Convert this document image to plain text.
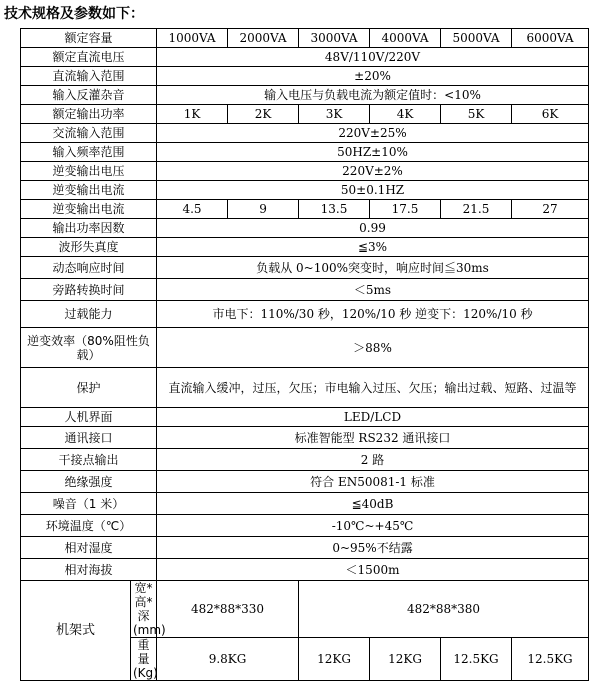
技术规格及参数如下：
额定容量		1000VA	2000VA	3000VA	4000VA	5000VA	6000VA
额定直流电压		48V/110V/220V					
直流输入范围		±20%					
输入反灌杂音		输入电压与负载电流为额定值时：<10%					
额定输出功率		1K	2K	3K	4K	5K	6K
交流输入范围		220V±25%					
输入频率范围		50HZ±10%					
逆变输出电压		220V±2%					
逆变输出电流		50±0.1HZ					
逆变输出电流		4.5	9	13.5	17.5	21.5	27
输出功率因数		0.99					
波形失真度		≦3%					
动态响应时间		负载从 0~100%突变时，响应时间≦30ms					
旁路转换时间		＜5ms					
过载能力		市电下：110%/30 秒，120%/10 秒 逆变下：120%/10 秒					
逆变效率（80%阻性负载）		＞88%					
保护		直流输入缓冲，过压，欠压；市电输入过压、欠压；输出过载、短路、过温等					
人机界面		LED/LCD					
通讯接口		标准智能型 RS232 通讯接口					
干接点输出		2 路					
绝缘强度		符合 EN50081-1 标准					
噪音（1 米）		≦40dB					
环境温度（℃）		-10℃~+45℃					
相对湿度		0~95%不结露					
相对海拔		＜1500m					
机架式	宽*高*深(mm)	482*88*330		482*88*380			
	重量(Kg)	9.8KG		12KG	12KG	12.5KG	12.5KG
